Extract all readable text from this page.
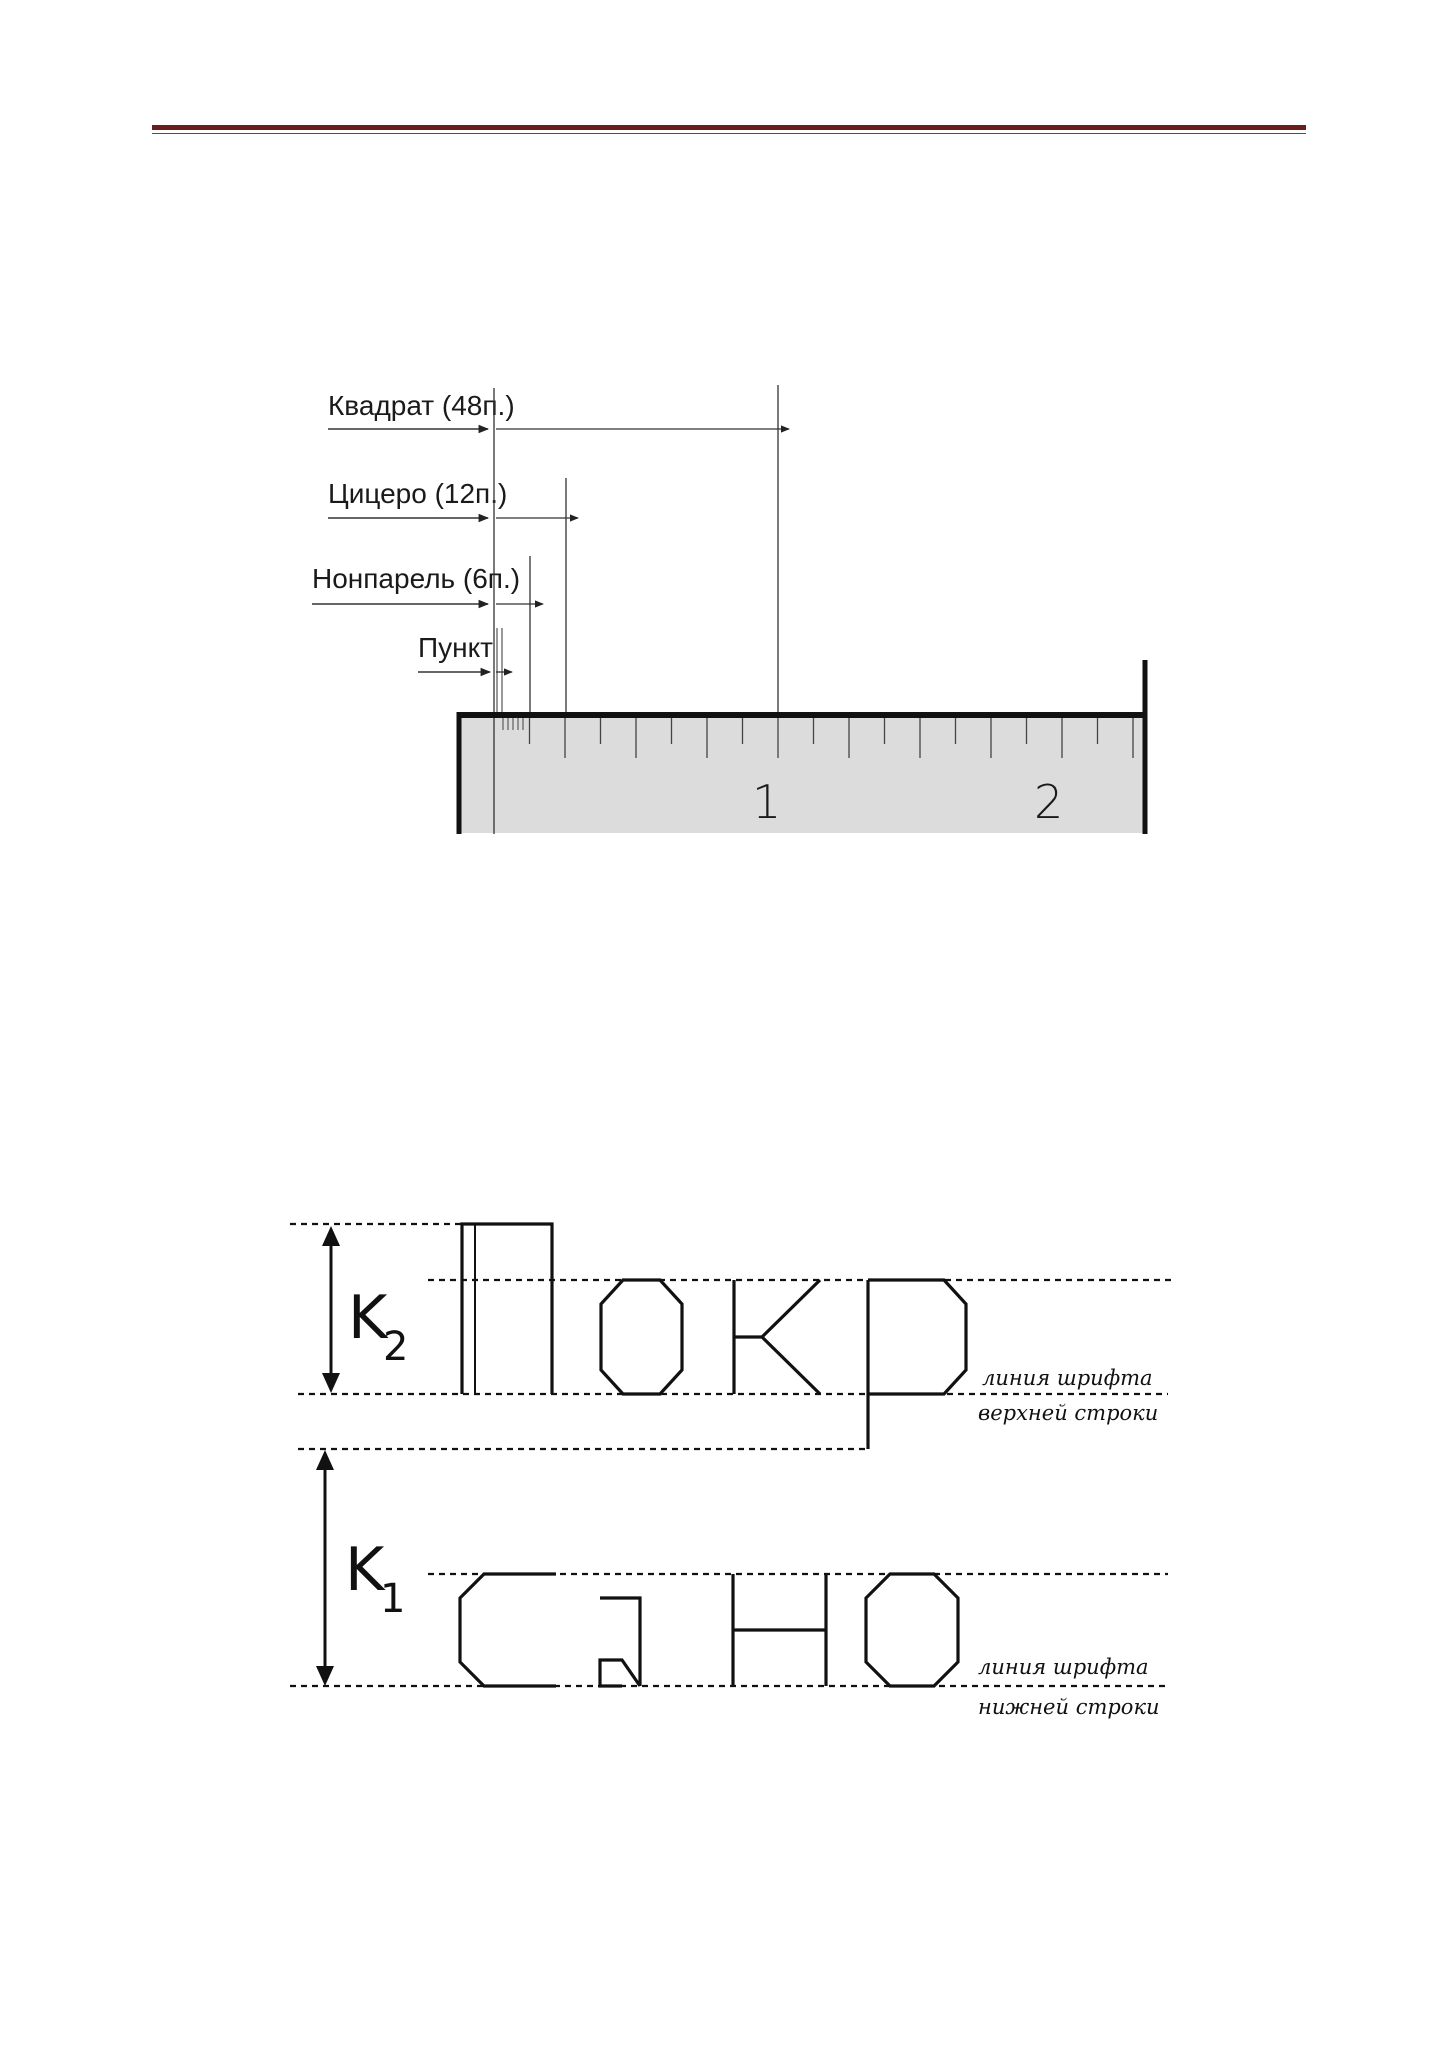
Квадрат (48п.)
Цицеро (12п.)
Нонпарель (6п.)
Пункт
1	2
K
2
K
1
линия шрифта
верхней строки
линия шрифта
нижней строки
